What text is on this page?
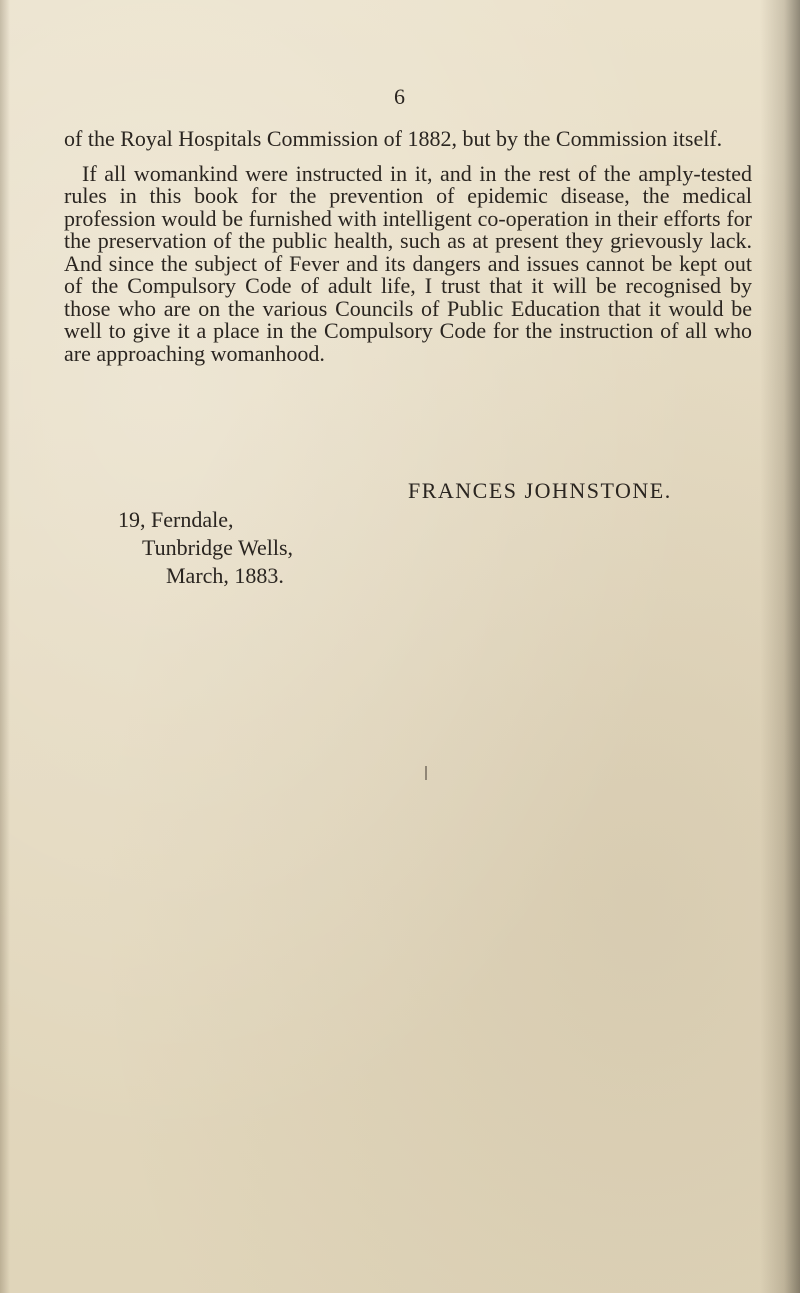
6

of the Royal Hospitals Commission of 1882, but by the Commission itself.

If all womankind were instructed in it, and in the rest of the amply-tested rules in this book for the prevention of epidemic disease, the medical profession would be furnished with intelligent co-operation in their efforts for the preservation of the public health, such as at present they grievously lack. And since the subject of Fever and its dangers and issues cannot be kept out of the Compulsory Code of adult life, I trust that it will be recognised by those who are on the various Councils of Public Education that it would be well to give it a place in the Compulsory Code for the instruction of all who are approaching womanhood.

FRANCES JOHNSTONE.
19, Ferndale,
Tunbridge Wells,
March, 1883.
